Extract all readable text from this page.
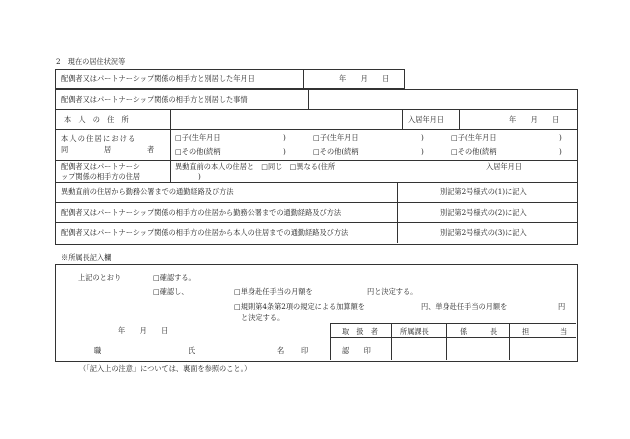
2　現在の居住状況等
配偶者又はパートナーシップ関係の相手方と別居した年月日	年　　月　　日
配偶者又はパートナーシップ関係の相手方と別居した事情
本　人　の　住　所	入居年月日	年　　月　　日
本人の住居における
同	居	者
□子(生年月日	)	□子(生年月日	)	□子(生年月日	)
□その他(続柄	)	□その他(続柄	)	□その他(続柄	)
配偶者又はパートナーシ
ップ関係の相手方の住居
異動直前の本人の住居と　□同じ　□異なる(住所
)
入居年月日
異動直前の住居から勤務公署までの通勤経路及び方法	別記第2号様式の(1)に記入
配偶者又はパートナーシップ関係の相手方の住居から勤務公署までの通勤経路及び方法	別記第2号様式の(2)に記入
配偶者又はパートナーシップ関係の相手方の住居から本人の住居までの通勤経路及び方法	別記第2号様式の(3)に記入
※所属長記入欄
上記のとおり	□確認する。
□確認し、	□単身赴任手当の月額を	円と決定する。
□規則第4条第2項の規定による加算額を	円、単身赴任手当の月額を	円
と決定する。
年　　月　　日
職	氏	名 印
取　扱　者	所属課長	係	長	担	当
認　　印
（「記入上の注意」については、裏面を参照のこと。）
